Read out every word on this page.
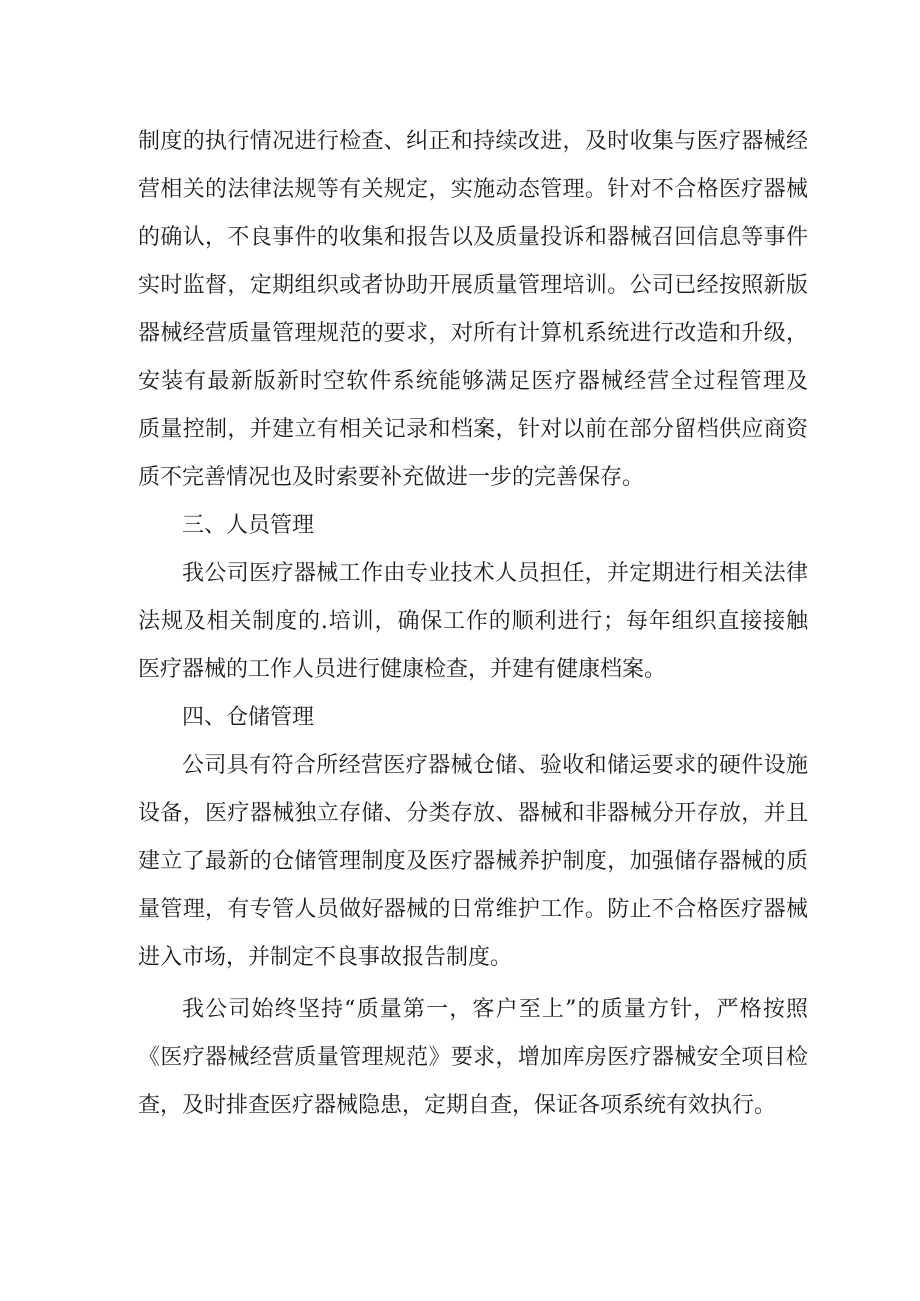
制度的执行情况进行检查、纠正和持续改进，及时收集与医疗器械经
营相关的法律法规等有关规定，实施动态管理。针对不合格医疗器械
的确认，不良事件的收集和报告以及质量投诉和器械召回信息等事件
实时监督，定期组织或者协助开展质量管理培训。公司已经按照新版
器械经营质量管理规范的要求，对所有计算机系统进行改造和升级，
安装有最新版新时空软件系统能够满足医疗器械经营全过程管理及
质量控制，并建立有相关记录和档案，针对以前在部分留档供应商资
质不完善情况也及时索要补充做进一步的完善保存。
三、人员管理
我公司医疗器械工作由专业技术人员担任，并定期进行相关法律
法规及相关制度的.培训，确保工作的顺利进行；每年组织直接接触
医疗器械的工作人员进行健康检查，并建有健康档案。
四、仓储管理
公司具有符合所经营医疗器械仓储、验收和储运要求的硬件设施
设备，医疗器械独立存储、分类存放、器械和非器械分开存放，并且
建立了最新的仓储管理制度及医疗器械养护制度，加强储存器械的质
量管理，有专管人员做好器械的日常维护工作。防止不合格医疗器械
进入市场，并制定不良事故报告制度。
我公司始终坚持“质量第一，客户至上”的质量方针，严格按照
《医疗器械经营质量管理规范》要求，增加库房医疗器械安全项目检
查，及时排查医疗器械隐患，定期自查，保证各项系统有效执行。
